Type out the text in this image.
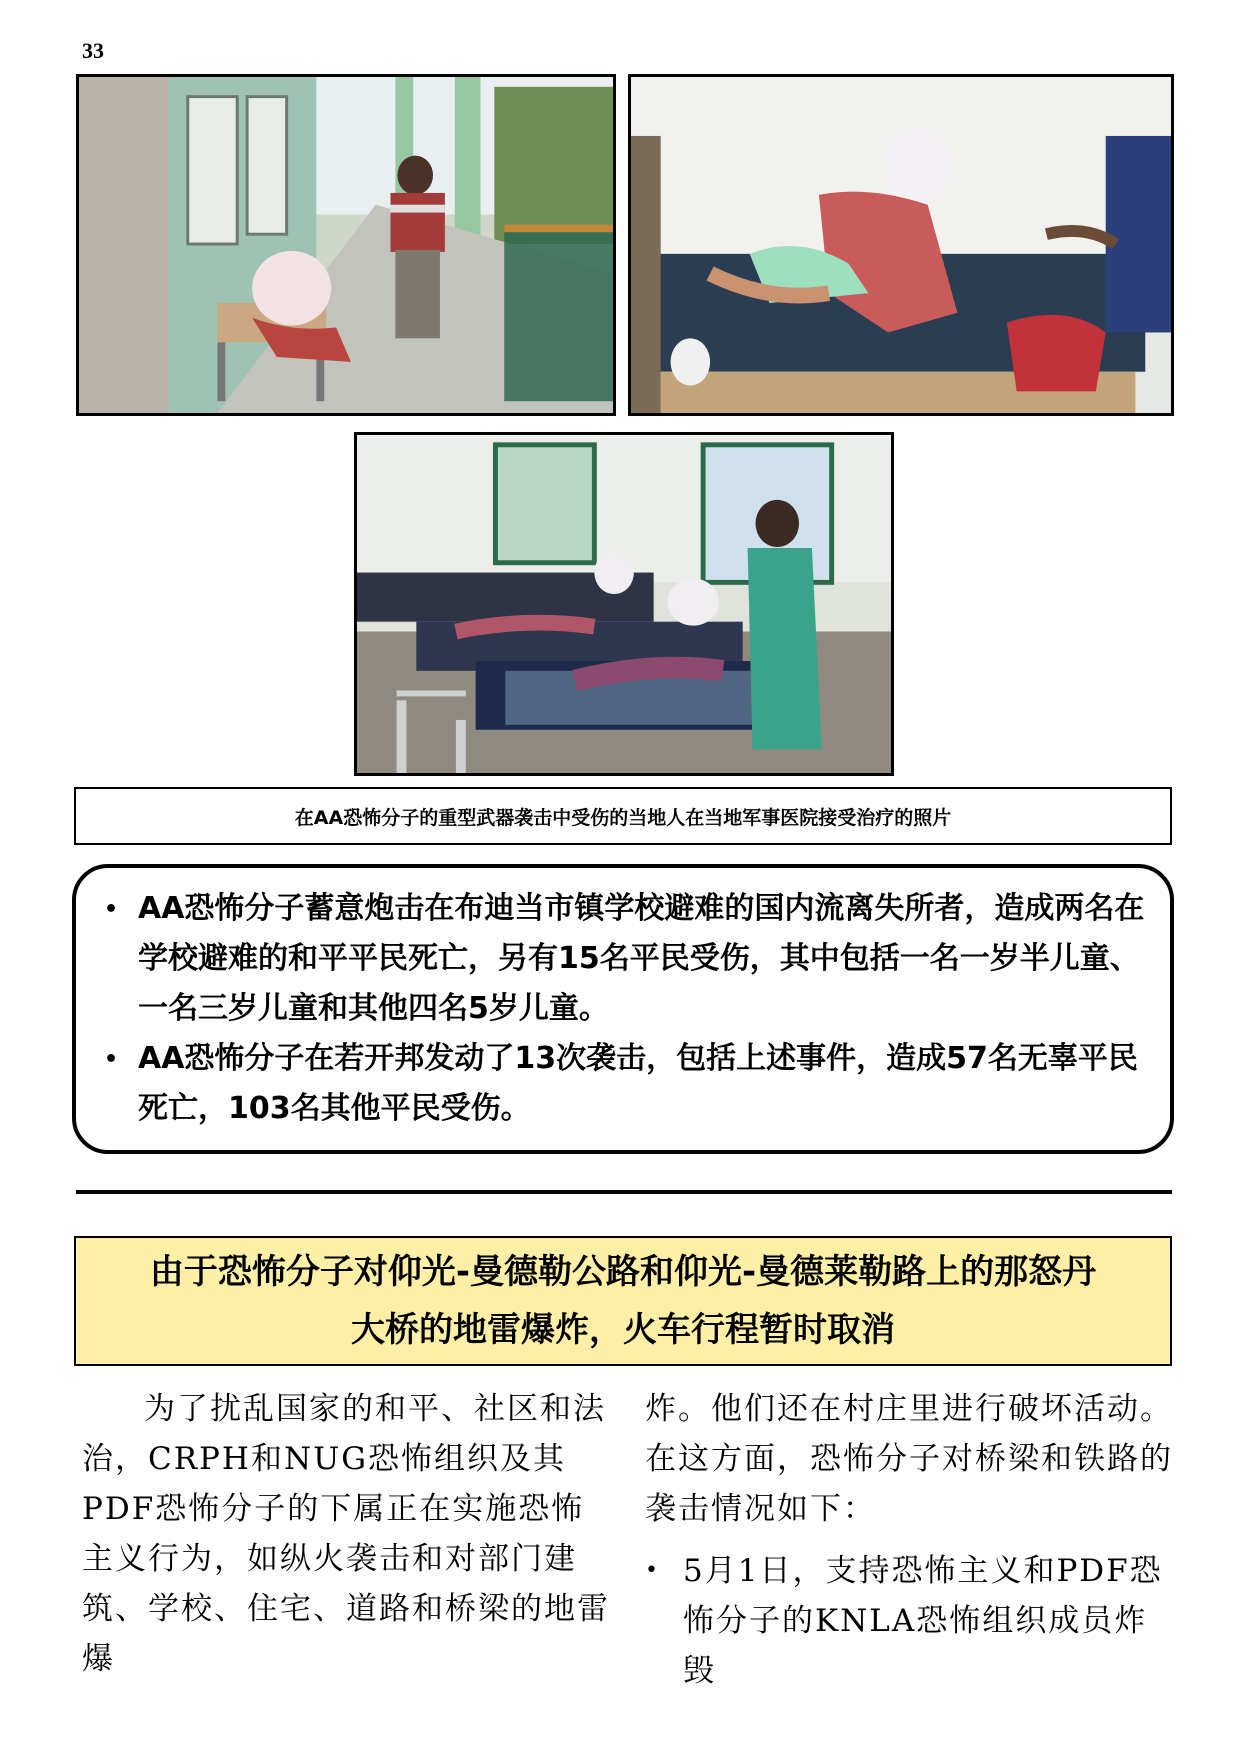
33
在AA恐怖分子的重型武器袭击中受伤的当地人在当地军事医院接受治疗的照片
• AA恐怖分子蓄意炮击在布迪当市镇学校避难的国内流离失所者，造成两名在学校避难的和平平民死亡，另有15名平民受伤，其中包括一名一岁半儿童、一名三岁儿童和其他四名5岁儿童。
• AA恐怖分子在若开邦发动了13次袭击，包括上述事件，造成57名无辜平民死亡，103名其他平民受伤。
由于恐怖分子对仰光-曼德勒公路和仰光-曼德莱勒路上的那怒丹
大桥的地雷爆炸，火车行程暂时取消

为了扰乱国家的和平、社区和法治，CRPH和NUG恐怖组织及其PDF恐怖分子的下属正在实施恐怖主义行为，如纵火袭击和对部门建筑、学校、住宅、道路和桥梁的地雷爆

炸。他们还在村庄里进行破坏活动。在这方面，恐怖分子对桥梁和铁路的袭击情况如下：

• 5月1日，支持恐怖主义和PDF恐怖分子的KNLA恐怖组织成员炸毁
